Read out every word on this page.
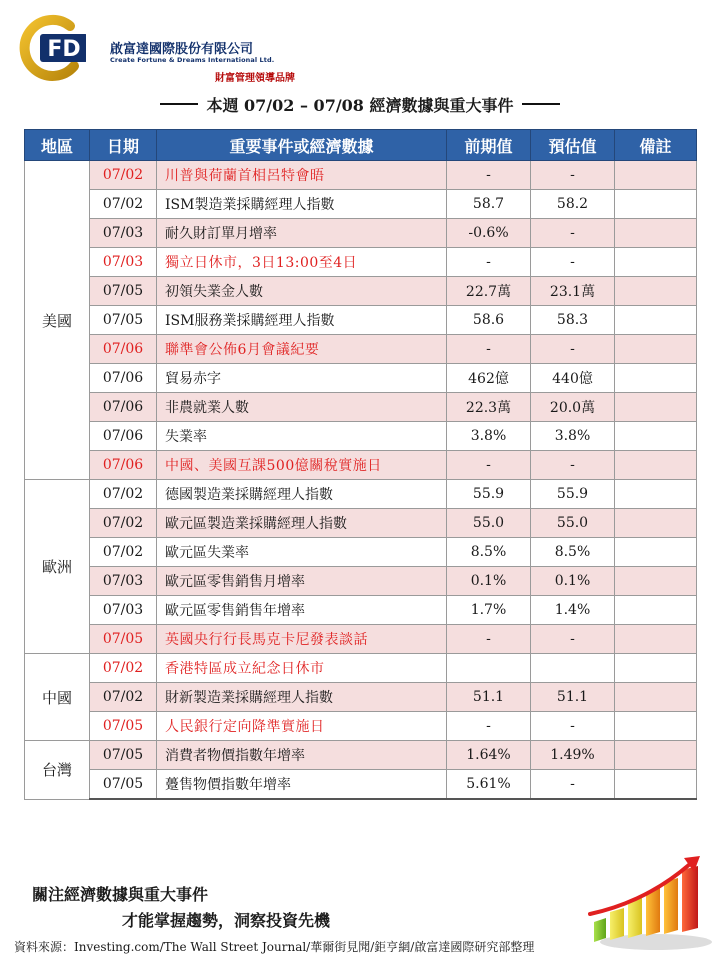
FD 啟富達國際股份有限公司
Create Fortune & Dreams International Ltd.
財富管理領導品牌
本週 07/02 – 07/08 經濟數據與重大事件
地區	日期	重要事件或經濟數據	前期值	預估值	備註
美國	07/02	川普與荷蘭首相呂特會晤	-	-	
	07/02	ISM製造業採購經理人指數	58.7	58.2	
	07/03	耐久財訂單月增率	-0.6%	-	
	07/03	獨立日休市，3日13:00至4日	-	-	
	07/05	初領失業金人數	22.7萬	23.1萬	
	07/05	ISM服務業採購經理人指數	58.6	58.3	
	07/06	聯準會公佈6月會議紀要	-	-	
	07/06	貿易赤字	462億	440億	
	07/06	非農就業人數	22.3萬	20.0萬	
	07/06	失業率	3.8%	3.8%	
	07/06	中國、美國互課500億關稅實施日	-	-	
歐洲	07/02	德國製造業採購經理人指數	55.9	55.9	
	07/02	歐元區製造業採購經理人指數	55.0	55.0	
	07/02	歐元區失業率	8.5%	8.5%	
	07/03	歐元區零售銷售月增率	0.1%	0.1%	
	07/03	歐元區零售銷售年增率	1.7%	1.4%	
	07/05	英國央行行長馬克卡尼發表談話	-	-	
中國	07/02	香港特區成立紀念日休市			
	07/02	財新製造業採購經理人指數	51.1	51.1	
	07/05	人民銀行定向降準實施日	-	-	
台灣	07/05	消費者物價指數年增率	1.64%	1.49%	
	07/05	躉售物價指數年增率	5.61%	-	
關注經濟數據與重大事件
才能掌握趨勢，洞察投資先機
資料來源：Investing.com/The Wall Street Journal/華爾街見聞/鉅亨網/啟富達國際研究部整理
